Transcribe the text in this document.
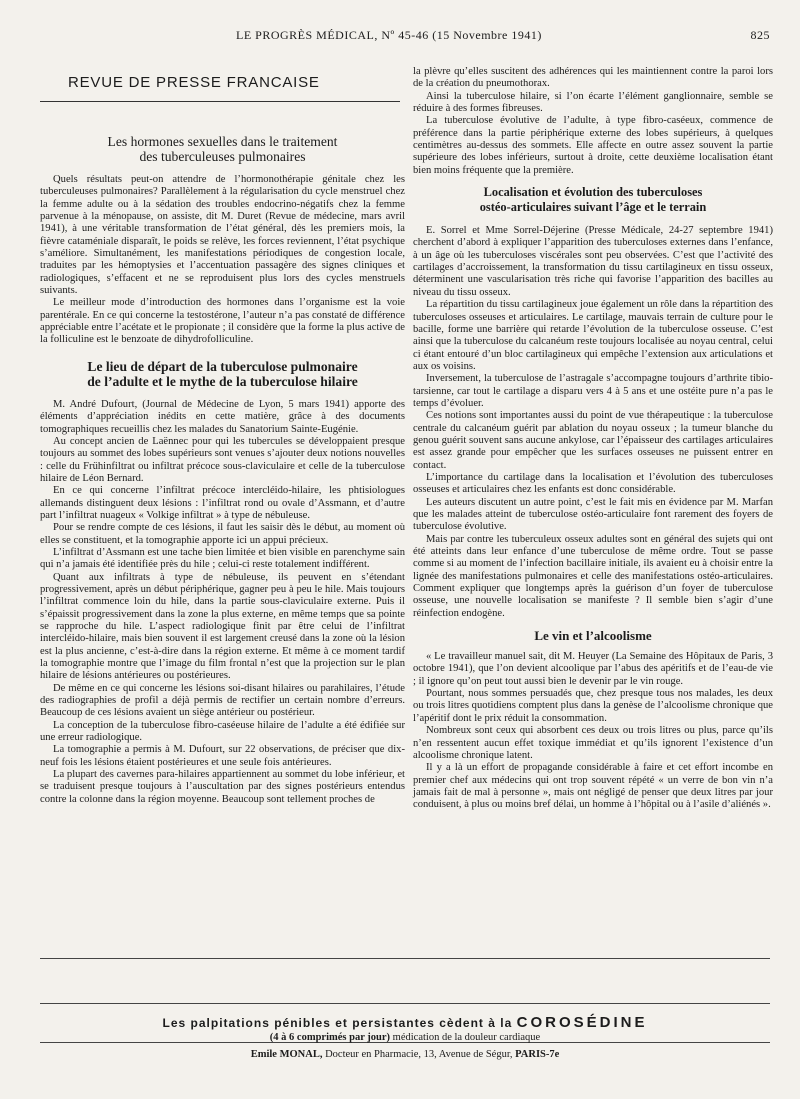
LE PROGRÈS MÉDICAL, Nº 45-46 (15 Novembre 1941)	825
REVUE DE PRESSE FRANCAISE
Les hormones sexuelles dans le traitement
des tuberculeuses pulmonaires

Quels résultats peut-on attendre de l’hormonothérapie génitale chez les tuberculeuses pulmonaires? Parallèlement à la régularisation du cycle menstruel chez la femme adulte ou à la sédation des troubles endocrino-négatifs chez la femme parvenue à la ménopause, on assiste, dit M. Duret (Revue de médecine, mars avril 1941), à une véritable transformation de l’état général, dès les premiers mois, la fièvre cataméniale disparaît, le poids se relève, les forces reviennent, l’état psychique s’améliore. Simultanément, les manifestations périodiques de congestion locale, traduites par les hémoptysies et l’accentuation passagère des signes cliniques et radiologiques, s’effacent et ne se reproduisent plus lors des cycles menstruels suivants.

Le meilleur mode d’introduction des hormones dans l’organisme est la voie parentérale. En ce qui concerne la testostérone, l’auteur n’a pas constaté de différence appréciable entre l’acétate et le propionate ; il considère que la forme la plus active de la folliculine est le benzoate de dihydrofolliculine.

Le lieu de départ de la tuberculose pulmonaire
de l’adulte et le mythe de la tuberculose hilaire

M. André Dufourt, (Journal de Médecine de Lyon, 5 mars 1941) apporte des éléments d’appréciation inédits en cette matière, grâce à des documents tomographiques recueillis chez les malades du Sanatorium Sainte-Eugénie.

Au concept ancien de Laënnec pour qui les tubercules se développaient presque toujours au sommet des lobes supérieurs sont venues s’ajouter deux notions nouvelles : celle du Frühinfiltrat ou infiltrat précoce sous-claviculaire et celle de la tuberculose hilaire de Léon Bernard.

En ce qui concerne l’infiltrat précoce intercléido-hilaire, les phtisiologues allemands distinguent deux lésions : l’infiltrat rond ou ovale d’Assmann, et d’autre part l’infiltrat nuageux « Volkige infiltrat » à type de nébuleuse.

Pour se rendre compte de ces lésions, il faut les saisir dès le début, au moment où elles se constituent, et la tomographie apporte ici un appui précieux.

L’infiltrat d’Assmann est une tache bien limitée et bien visible en parenchyme sain qui n’a jamais été identifiée près du hile ; celui-ci reste totalement indifférent.

Quant aux infiltrats à type de nébuleuse, ils peuvent en s’étendant progressivement, après un début périphérique, gagner peu à peu le hile. Mais toujours l’infiltrat commence loin du hile, dans la partie sous-claviculaire externe. Puis il s’épaissit progressivement dans la zone la plus externe, en même temps que sa pointe se rapproche du hile. L’aspect radiologique finit par être celui de l’infiltrat intercléido-hilaire, mais bien souvent il est largement creusé dans la zone où la lésion est la plus ancienne, c’est-à-dire dans la région externe. Et même à ce moment tardif la tomographie montre que l’image du film frontal n’est que la projection sur le plan hilaire de lésions antérieures ou postérieures.

De même en ce qui concerne les lésions soi-disant hilaires ou parahilaires, l’étude des radiographies de profil a déjà permis de rectifier un certain nombre d’erreurs. Beaucoup de ces lésions avaient un siège antérieur ou postérieur.

La conception de la tuberculose fibro-caséeuse hilaire de l’adulte a été édifiée sur une erreur radiologique.

La tomographie a permis à M. Dufourt, sur 22 observations, de préciser que dix-neuf fois les lésions étaient postérieures et une seule fois antérieures.

La plupart des cavernes para-hilaires appartiennent au sommet du lobe inférieur, et se traduisent presque toujours à l’auscultation par des signes postérieurs entendus contre la colonne dans la région moyenne. Beaucoup sont tellement proches de

la plèvre qu’elles suscitent des adhérences qui les maintiennent contre la paroi lors de la création du pneumothorax.

Ainsi la tuberculose hilaire, si l’on écarte l’élément ganglionnaire, semble se réduire à des formes fibreuses.

La tuberculose évolutive de l’adulte, à type fibro-caséeux, commence de préférence dans la partie périphérique externe des lobes supérieurs, à quelques centimètres au-dessus des sommets. Elle affecte en outre assez souvent la partie supérieure des lobes inférieurs, surtout à droite, cette deuxième localisation étant bien moins fréquente que la première.

Localisation et évolution des tuberculoses
ostéo-articulaires suivant l’âge et le terrain

E. Sorrel et Mme Sorrel-Déjerine (Presse Médicale, 24-27 septembre 1941) cherchent d’abord à expliquer l’apparition des tuberculoses externes dans l’enfance, à un âge où les tuberculoses viscérales sont peu observées. C’est que l’activité des cartilages d’accroissement, la transformation du tissu cartilagineux en tissu osseux, déterminent une vascularisation très riche qui favorise l’apparition des bacilles au niveau du tissu osseux.

La répartition du tissu cartilagineux joue également un rôle dans la répartition des tuberculoses osseuses et articulaires. Le cartilage, mauvais terrain de culture pour le bacille, forme une barrière qui retarde l’évolution de la tuberculose osseuse. C’est ainsi que la tuberculose du calcanéum reste toujours localisée au noyau central, celui ci étant entouré d’un bloc cartilagineux qui empêche l’extension aux articulations et aux os voisins.

Inversement, la tuberculose de l’astragale s’accompagne toujours d’arthrite tibio-tarsienne, car tout le cartilage a disparu vers 4 à 5 ans et une ostéite pure n’a pas le temps d’évoluer.

Ces notions sont importantes aussi du point de vue thérapeutique : la tuberculose centrale du calcanéum guérit par ablation du noyau osseux ; la tumeur blanche du genou guérit souvent sans aucune ankylose, car l’épaisseur des cartilages articulaires est assez grande pour empêcher que les surfaces osseuses ne puissent entrer en contact.

L’importance du cartilage dans la localisation et l’évolution des tuberculoses osseuses et articulaires chez les enfants est donc considérable.

Les auteurs discutent un autre point, c’est le fait mis en évidence par M. Marfan que les malades atteint de tuberculose ostéo-articulaire font rarement des foyers de tuberculose évolutive.

Mais par contre les tuberculeux osseux adultes sont en général des sujets qui ont été atteints dans leur enfance d’une tuberculose de même ordre. Tout se passe comme si au moment de l’infection bacillaire initiale, ils avaient eu à choisir entre la lignée des manifestations pulmonaires et celle des manifestations ostéo-articulaires. Comment expliquer que longtemps après la guérison d’un foyer de tuberculose osseuse, une nouvelle localisation se manifeste ? Il semble bien s’agir d’une réinfection endogène.

Le vin et l’alcoolisme

« Le travailleur manuel sait, dit M. Heuyer (La Semaine des Hôpitaux de Paris, 3 octobre 1941), que l’on devient alcoolique par l’abus des apéritifs et de l’eau-de vie ; il ignore qu’on peut tout aussi bien le devenir par le vin rouge.

Pourtant, nous sommes persuadés que, chez presque tous nos malades, les deux ou trois litres quotidiens comptent plus dans la genèse de l’alcoolisme chronique que l’apéritif dont le prix réduit la consommation.

Nombreux sont ceux qui absorbent ces deux ou trois litres ou plus, parce qu’ils n’en ressentent aucun effet toxique immédiat et qu’ils ignorent l’existence d’un alcoolisme chronique latent.

Il y a là un effort de propagande considérable à faire et cet effort incombe en premier chef aux médecins qui ont trop souvent répété « un verre de bon vin n’a jamais fait de mal à personne », mais ont négligé de penser que deux litres par jour conduisent, à plus ou moins bref délai, un homme à l’hôpital ou à l’asile d’aliénés ».

Les palpitations pénibles et persistantes cèdent à la COROSÉDINE
(4 à 6 comprimés par jour) médication de la douleur cardiaque
Emile MONAL, Docteur en Pharmacie, 13, Avenue de Ségur, PARIS-7e
